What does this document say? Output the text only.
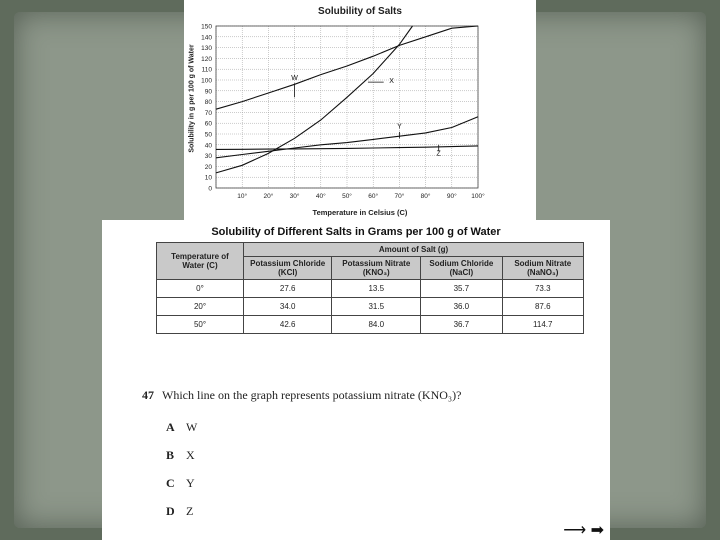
Solubility of Salts
Solubility in g per 100 g of Water
0
10
20
30
40
50
60
70
80
90
100
110
120
130
140
150
10°	20°	30°	40°	50°	60°	70°	80°	90° 100°
W	X
Y
Z
Temperature in Celsius (C)
Solubility of Different Salts in Grams per 100 g of Water
Temperature of Water (C)	Amount of Salt (g)			
	Potassium Chloride (KCl)	Potassium Nitrate (KNO₃)	Sodium Chloride (NaCl)	Sodium Nitrate (NaNO₃)
0°	27.6	13.5	35.7	73.3
20°	34.0	31.5	36.0	87.6
50°	42.6	84.0	36.7	114.7
47 Which line on the graph represents potassium nitrate (KNO₃)?
A W
B X
C Y
D Z
⟶ ➡
